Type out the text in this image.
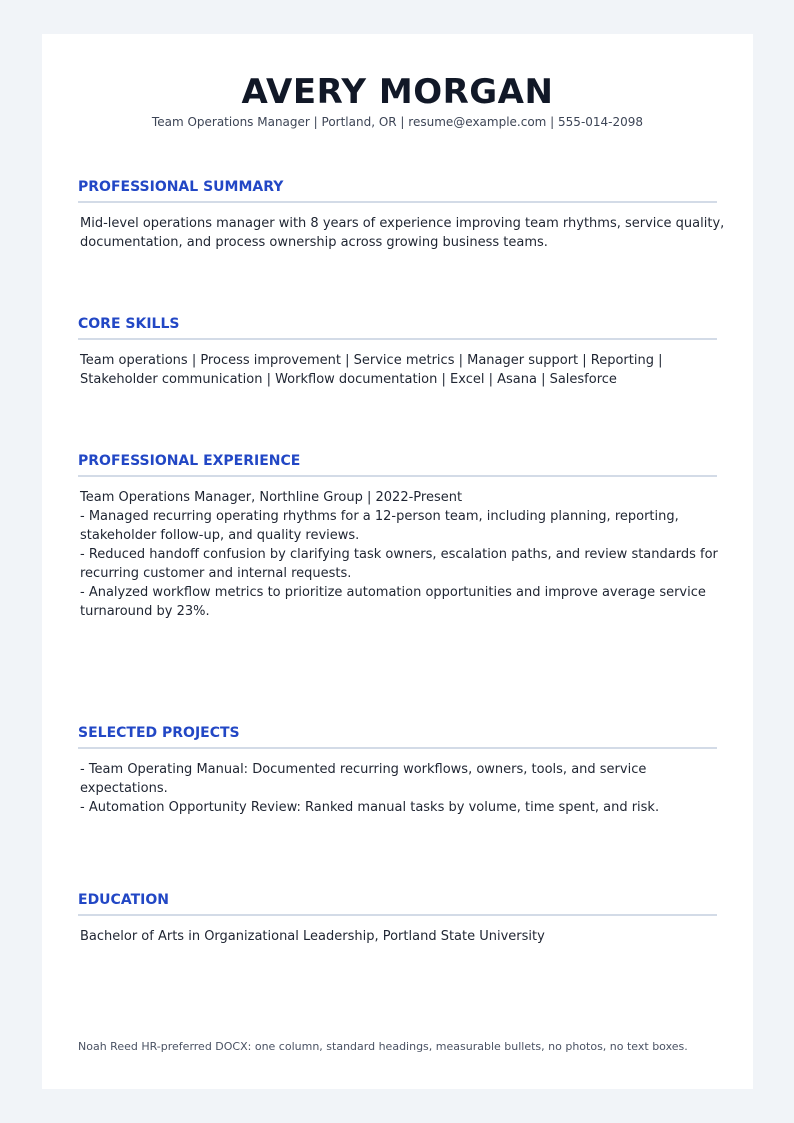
AVERY MORGAN
Team Operations Manager | Portland, OR | resume@example.com | 555-014-2098
PROFESSIONAL SUMMARY
Mid-level operations manager with 8 years of experience improving team rhythms, service quality,
documentation, and process ownership across growing business teams.
CORE SKILLS
Team operations | Process improvement | Service metrics | Manager support | Reporting |
Stakeholder communication | Workflow documentation | Excel | Asana | Salesforce
PROFESSIONAL EXPERIENCE
Team Operations Manager, Northline Group | 2022-Present
- Managed recurring operating rhythms for a 12-person team, including planning, reporting,
stakeholder follow-up, and quality reviews.
- Reduced handoff confusion by clarifying task owners, escalation paths, and review standards for
recurring customer and internal requests.
- Analyzed workflow metrics to prioritize automation opportunities and improve average service
turnaround by 23%.
SELECTED PROJECTS
- Team Operating Manual: Documented recurring workflows, owners, tools, and service
expectations.
- Automation Opportunity Review: Ranked manual tasks by volume, time spent, and risk.
EDUCATION
Bachelor of Arts in Organizational Leadership, Portland State University
Noah Reed HR-preferred DOCX: one column, standard headings, measurable bullets, no photos, no text boxes.
